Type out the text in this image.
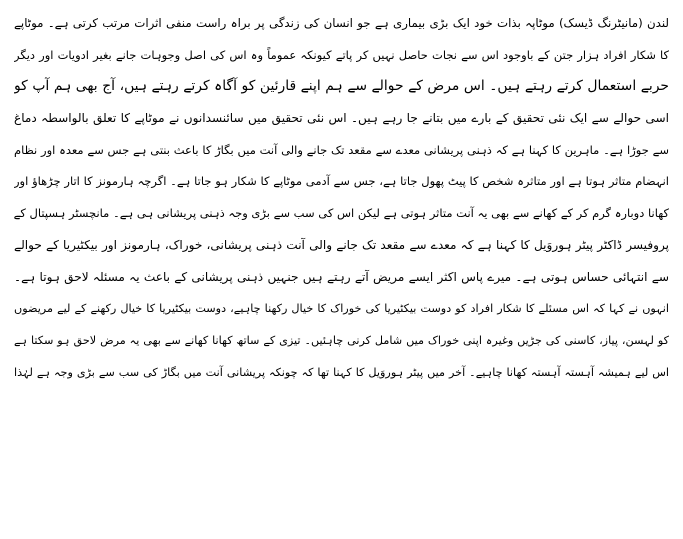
لندن (مانیٹرنگ ڈیسک) موٹاپہ بذات خود ایک بڑی بیماری ہے جو انسان کی زندگی پر براہ راست منفی اثرات مرتب کرتی ہے۔ موٹاپے
کا شکار افراد ہزار جتن کے باوجود اس سے نجات حاصل نہیں کر پاتے کیونکہ عموماً وہ اس کی اصل وجوہات جانے بغیر ادویات اور دیگر
حربے استعمال کرتے رہتے ہیں۔ اس مرض کے حوالے سے ہم اپنے قارئین کو آگاہ کرتے رہتے ہیں، آج بھی ہم آپ کو
اسی حوالے سے ایک نئی تحقیق کے بارے میں بتانے جا رہے ہیں۔ اس نئی تحقیق میں سائنسدانوں نے موٹاپے کا تعلق بالواسطہ دماغ
سے جوڑا ہے۔ ماہرین کا کہنا ہے کہ ذہنی پریشانی معدے سے مقعد تک جانے والی آنت میں بگاڑ کا باعث بنتی ہے جس سے معدہ اور نظام
انہضام متاثر ہوتا ہے اور متاثرہ شخص کا پیٹ پھول جاتا ہے، جس سے آدمی موٹاپے کا شکار ہو جاتا ہے۔ اگرچہ ہارمونز کا اتار چڑھاؤ اور
کھانا دوبارہ گرم کر کے کھانے سے بھی یہ آنت متاثر ہوتی ہے لیکن اس کی سب سے بڑی وجہ ذہنی پریشانی ہی ہے۔ مانچسٹر ہسپتال کے
پروفیسر ڈاکٹر پیٹر ہوروَیل کا کہنا ہے کہ معدے سے مقعد تک جانے والی آنت ذہنی پریشانی، خوراک، ہارمونز اور بیکٹیریا کے حوالے
سے انتہائی حساس ہوتی ہے۔ میرے پاس اکثر ایسے مریض آتے رہتے ہیں جنہیں ذہنی پریشانی کے باعث یہ مسئلہ لاحق ہوتا ہے۔
انہوں نے کہا کہ اس مسئلے کا شکار افراد کو دوست بیکٹیریا کی خوراک کا خیال رکھنا چاہیے، دوست بیکٹیریا کا خیال رکھنے کے لیے مریضوں
کو لہسن، پیاز، کاسنی کی جڑیں وغیرہ اپنی خوراک میں شامل کرنی چاہئیں۔ تیزی کے ساتھ کھانا کھانے سے بھی یہ مرض لاحق ہو سکتا ہے
اس لیے ہمیشہ آہستہ آہستہ کھانا چاہیے۔ آخر میں پیٹر ہوروَیل کا کہنا تھا کہ چونکہ پریشانی آنت میں بگاڑ کی سب سے بڑی وجہ ہے لہٰذا
